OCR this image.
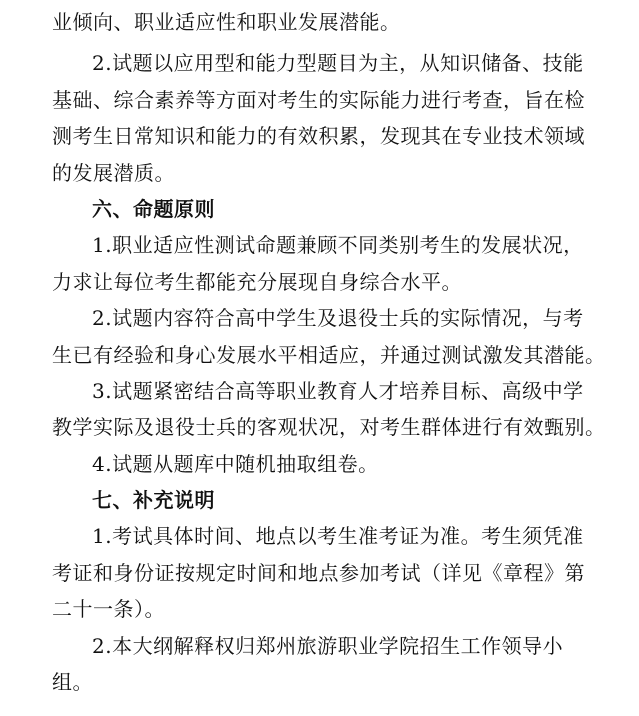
业倾向、职业适应性和职业发展潜能。
2.试题以应用型和能力型题目为主，从知识储备、技能
基础、综合素养等方面对考生的实际能力进行考查，旨在检
测考生日常知识和能力的有效积累，发现其在专业技术领域
的发展潜质。
六、命题原则
1.职业适应性测试命题兼顾不同类别考生的发展状况，
力求让每位考生都能充分展现自身综合水平。
2.试题内容符合高中学生及退役士兵的实际情况，与考
生已有经验和身心发展水平相适应，并通过测试激发其潜能。
3.试题紧密结合高等职业教育人才培养目标、高级中学
教学实际及退役士兵的客观状况，对考生群体进行有效甄别。
4.试题从题库中随机抽取组卷。
七、补充说明
1.考试具体时间、地点以考生准考证为准。考生须凭准
考证和身份证按规定时间和地点参加考试（详见《章程》第
二十一条）。
2.本大纲解释权归郑州旅游职业学院招生工作领导小
组。
